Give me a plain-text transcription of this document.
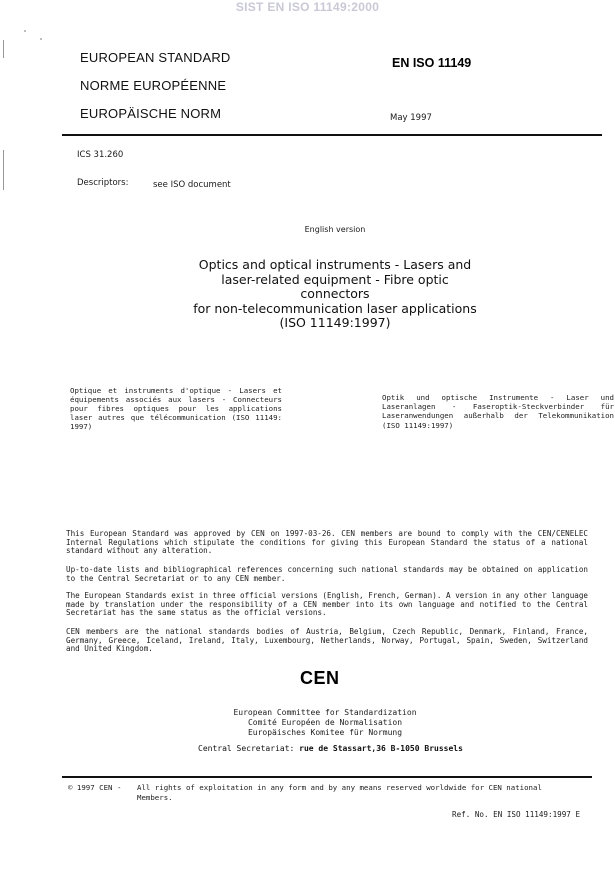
SIST EN ISO 11149:2000
EUROPEAN STANDARD
NORME EUROPÉENNE
EUROPÄISCHE NORM
EN ISO 11149
May 1997
ICS 31.260
Descriptors:	see ISO document
English version
Optics and optical instruments - Lasers and
laser-related equipment - Fibre optic connectors
for non-telecommunication laser applications
(ISO 11149:1997)
Optique et instruments d'optique - Lasers et équipements associés aux lasers - Connecteurs pour fibres optiques pour les applications laser autres que télécommunication (ISO 11149: 1997)
Optik und optische Instrumente - Laser und Laseranlagen - Faseroptik-Steckverbinder für Laseranwendungen außerhalb der Telekommunikation (ISO 11149:1997)
This European Standard was approved by CEN on 1997-03-26. CEN members are bound to comply with the CEN/CENELEC Internal Regulations which stipulate the conditions for giving this European Standard the status of a national standard without any alteration.
Up-to-date lists and bibliographical references concerning such national standards may be obtained on application to the Central Secretariat or to any CEN member.
The European Standards exist in three official versions (English, French, German). A version in any other language made by translation under the responsibility of a CEN member into its own language and notified to the Central Secretariat has the same status as the official versions.
CEN members are the national standards bodies of Austria, Belgium, Czech Republic, Denmark, Finland, France, Germany, Greece, Iceland, Ireland, Italy, Luxembourg, Netherlands, Norway, Portugal, Spain, Sweden, Switzerland and United Kingdom.
CEN
European Committee for Standardization
Comité Européen de Normalisation
Europäisches Komitee für Normung
Central Secretariat: rue de Stassart,36 B-1050 Brussels
© 1997 CEN - All rights of exploitation in any form and by any means reserved worldwide for CEN national Members.
Ref. No. EN ISO 11149:1997 E
